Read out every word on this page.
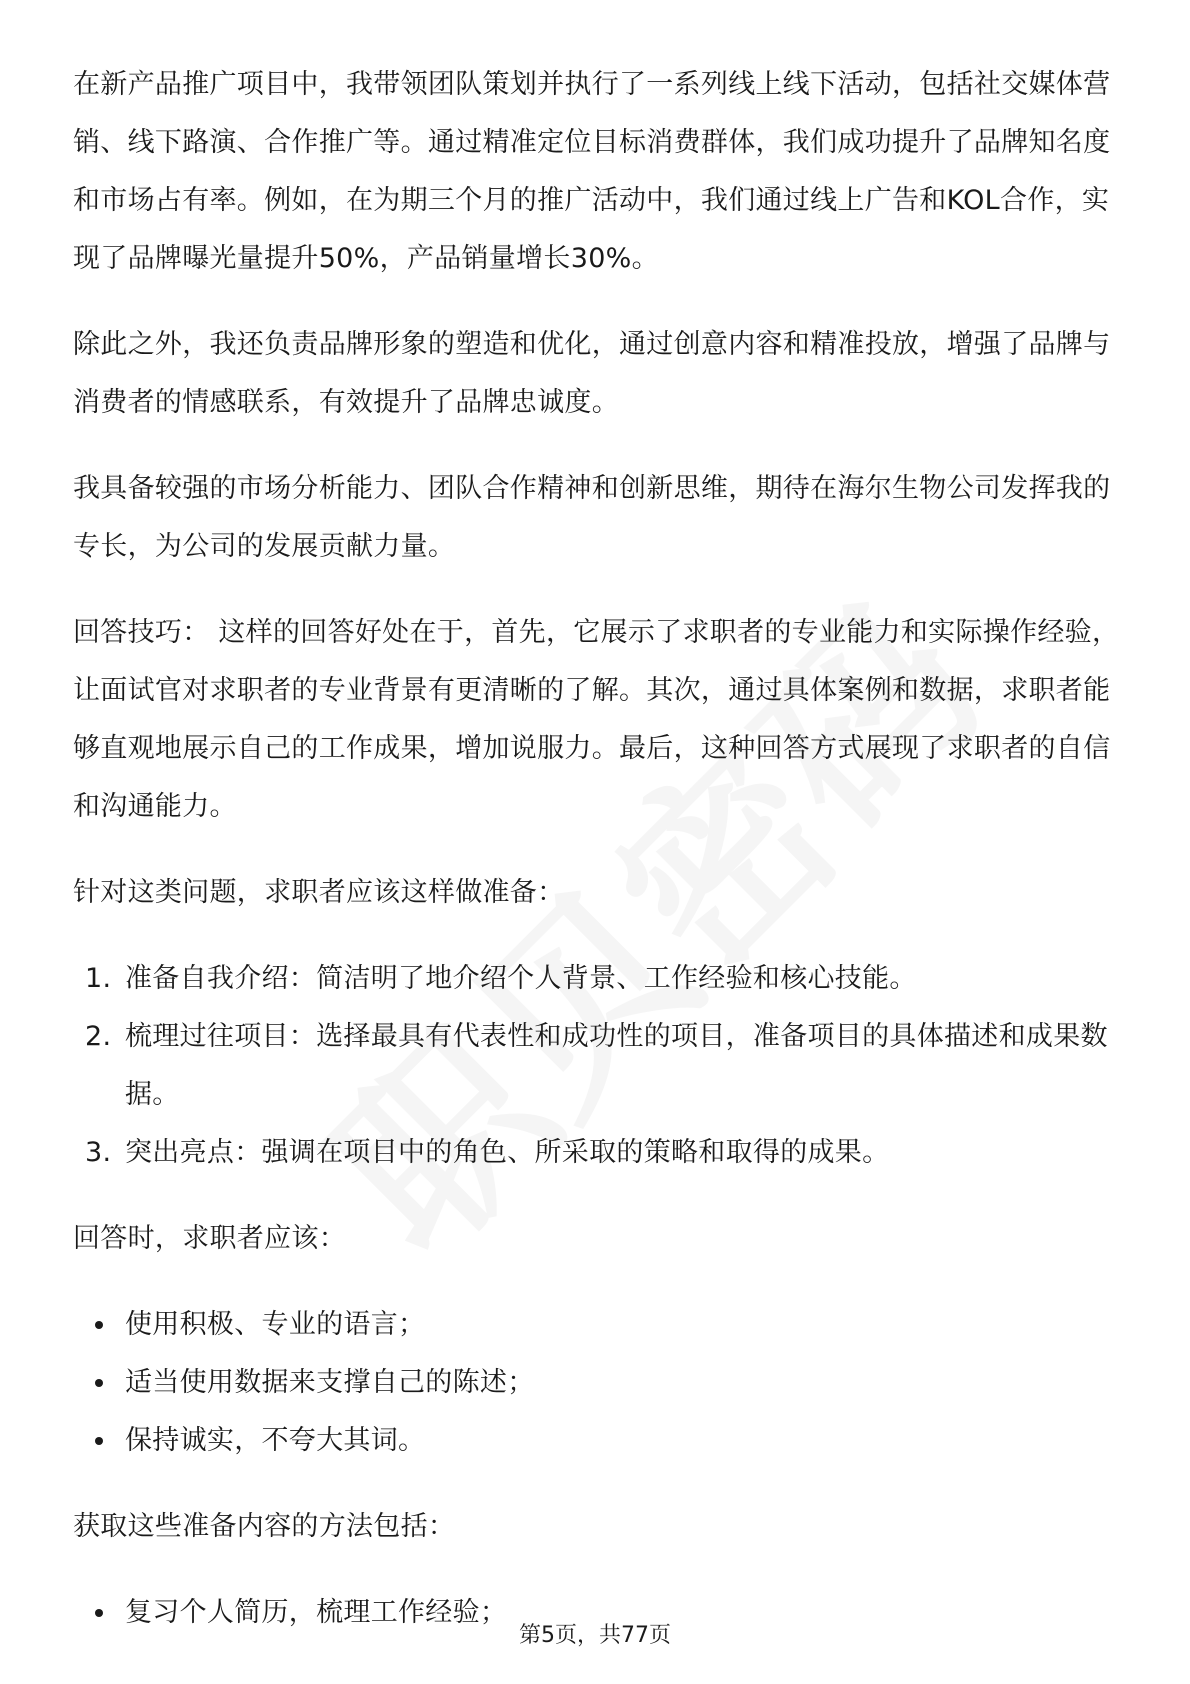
在新产品推广项目中，我带领团队策划并执行了一系列线上线下活动，包括社交媒体营销、线下路演、合作推广等。通过精准定位目标消费群体，我们成功提升了品牌知名度和市场占有率。例如，在为期三个月的推广活动中，我们通过线上广告和KOL合作，实现了品牌曝光量提升50%，产品销量增长30%。

除此之外，我还负责品牌形象的塑造和优化，通过创意内容和精准投放，增强了品牌与消费者的情感联系，有效提升了品牌忠诚度。

我具备较强的市场分析能力、团队合作精神和创新思维，期待在海尔生物公司发挥我的专长，为公司的发展贡献力量。

回答技巧： 这样的回答好处在于，首先，它展示了求职者的专业能力和实际操作经验，让面试官对求职者的专业背景有更清晰的了解。其次，通过具体案例和数据，求职者能够直观地展示自己的工作成果，增加说服力。最后，这种回答方式展现了求职者的自信和沟通能力。

针对这类问题，求职者应该这样做准备：

1. 准备自我介绍：简洁明了地介绍个人背景、工作经验和核心技能。
2. 梳理过往项目：选择最具有代表性和成功性的项目，准备项目的具体描述和成果数据。
3. 突出亮点：强调在项目中的角色、所采取的策略和取得的成果。

回答时，求职者应该：

使用积极、专业的语言；
适当使用数据来支撑自己的陈述；
保持诚实，不夸大其词。

获取这些准备内容的方法包括：

复习个人简历，梳理工作经验；
第5页，共77页
